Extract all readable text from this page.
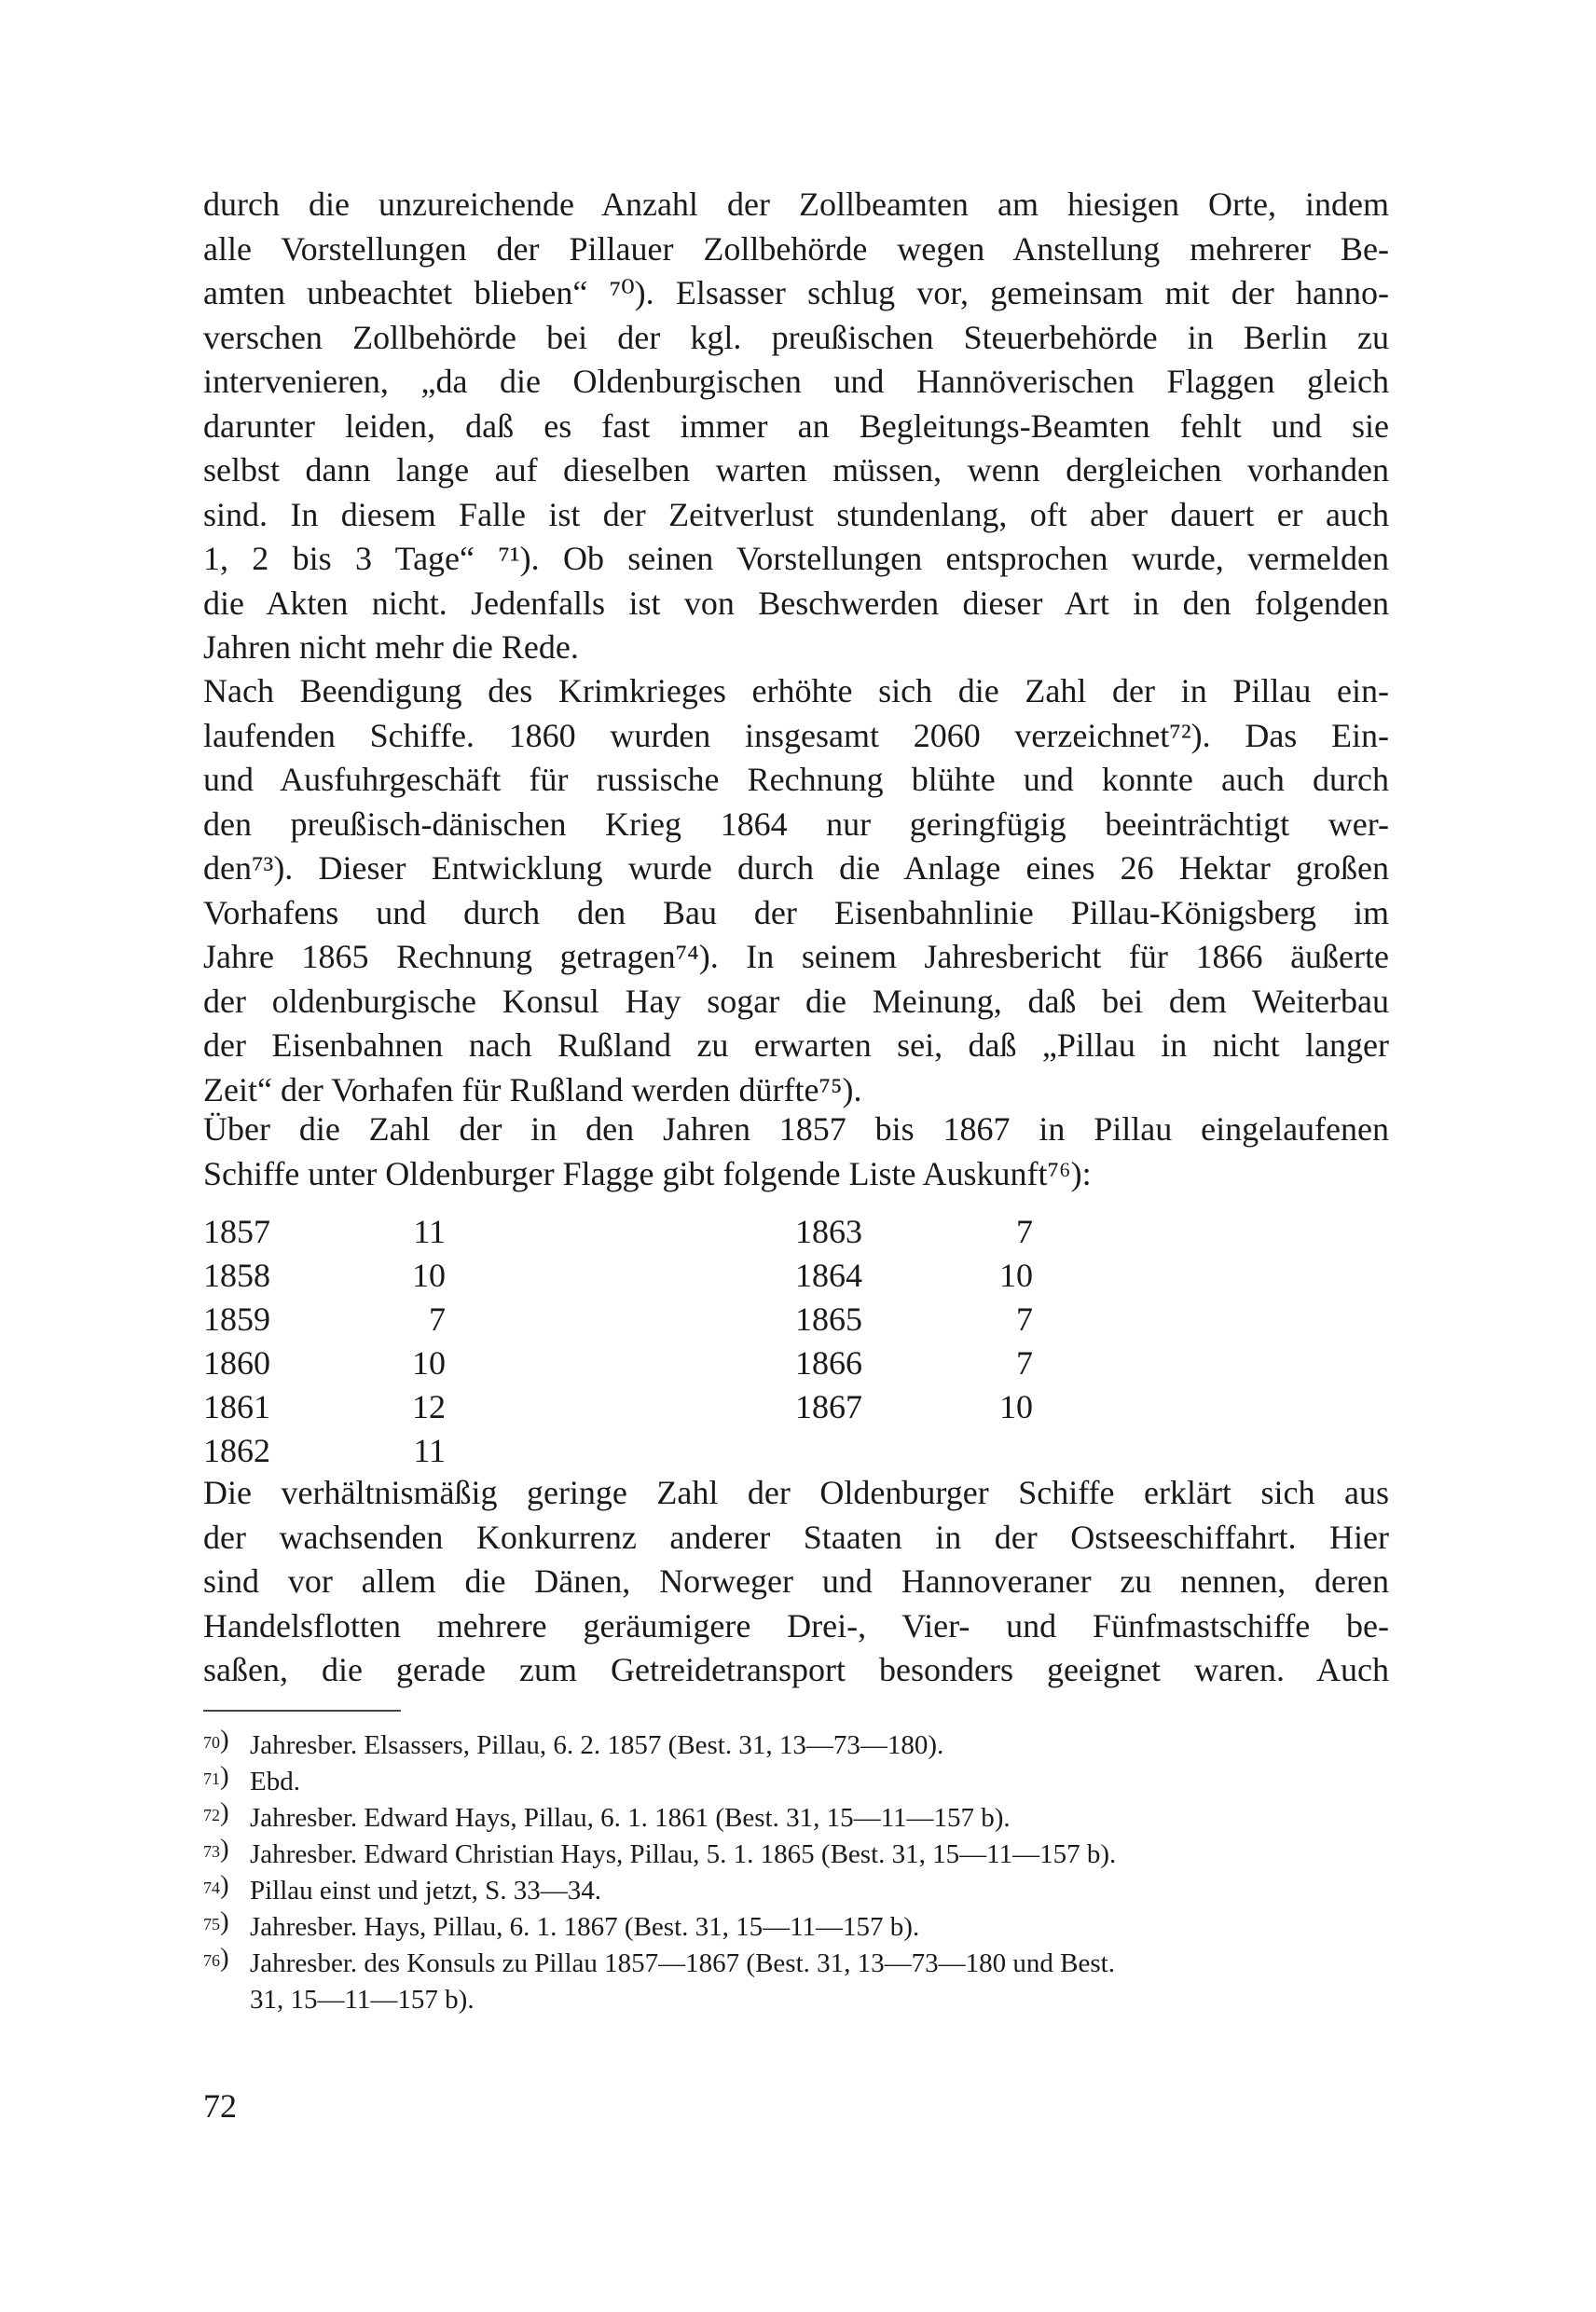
durch die unzureichende Anzahl der Zollbeamten am hiesigen Orte, indem

alle Vorstellungen der Pillauer Zollbehörde wegen Anstellung mehrerer Be-

amten unbeachtet blieben“ ⁷⁰). Elsasser schlug vor, gemeinsam mit der hanno-

verschen Zollbehörde bei der kgl. preußischen Steuerbehörde in Berlin zu

intervenieren, „da die Oldenburgischen und Hannöverischen Flaggen gleich

darunter leiden, daß es fast immer an Begleitungs-Beamten fehlt und sie

selbst dann lange auf dieselben warten müssen, wenn dergleichen vorhanden

sind. In diesem Falle ist der Zeitverlust stundenlang, oft aber dauert er auch

1, 2 bis 3 Tage“ ⁷¹). Ob seinen Vorstellungen entsprochen wurde, vermelden

die Akten nicht. Jedenfalls ist von Beschwerden dieser Art in den folgenden

Jahren nicht mehr die Rede.

Nach Beendigung des Krimkrieges erhöhte sich die Zahl der in Pillau ein-

laufenden Schiffe. 1860 wurden insgesamt 2060 verzeichnet⁷²). Das Ein-

und Ausfuhrgeschäft für russische Rechnung blühte und konnte auch durch

den preußisch-dänischen Krieg 1864 nur geringfügig beeinträchtigt wer-

den⁷³). Dieser Entwicklung wurde durch die Anlage eines 26 Hektar großen

Vorhafens und durch den Bau der Eisenbahnlinie Pillau-Königsberg im

Jahre 1865 Rechnung getragen⁷⁴). In seinem Jahresbericht für 1866 äußerte

der oldenburgische Konsul Hay sogar die Meinung, daß bei dem Weiterbau

der Eisenbahnen nach Rußland zu erwarten sei, daß „Pillau in nicht langer

Zeit“ der Vorhafen für Rußland werden dürfte⁷⁵).

Über die Zahl der in den Jahren 1857 bis 1867 in Pillau eingelaufenen

Schiffe unter Oldenburger Flagge gibt folgende Liste Auskunft⁷⁶):

1857	11	1863	7
1858	10	1864	10
1859	7	1865	7
1860	10	1866	7
1861	12	1867	10
1862	11

Die verhältnismäßig geringe Zahl der Oldenburger Schiffe erklärt sich aus

der wachsenden Konkurrenz anderer Staaten in der Ostseeschiffahrt. Hier

sind vor allem die Dänen, Norweger und Hannoveraner zu nennen, deren

Handelsflotten mehrere geräumigere Drei-, Vier- und Fünfmastschiffe be-

saßen, die gerade zum Getreidetransport besonders geeignet waren. Auch

70) Jahresber. Elsassers, Pillau, 6. 2. 1857 (Best. 31, 13—73—180).
71) Ebd.
72) Jahresber. Edward Hays, Pillau, 6. 1. 1861 (Best. 31, 15—11—157 b).
73) Jahresber. Edward Christian Hays, Pillau, 5. 1. 1865 (Best. 31, 15—11—157 b).
74) Pillau einst und jetzt, S. 33—34.
75) Jahresber. Hays, Pillau, 6. 1. 1867 (Best. 31, 15—11—157 b).
76) Jahresber. des Konsuls zu Pillau 1857—1867 (Best. 31, 13—73—180 und Best.
31, 15—11—157 b).
72
